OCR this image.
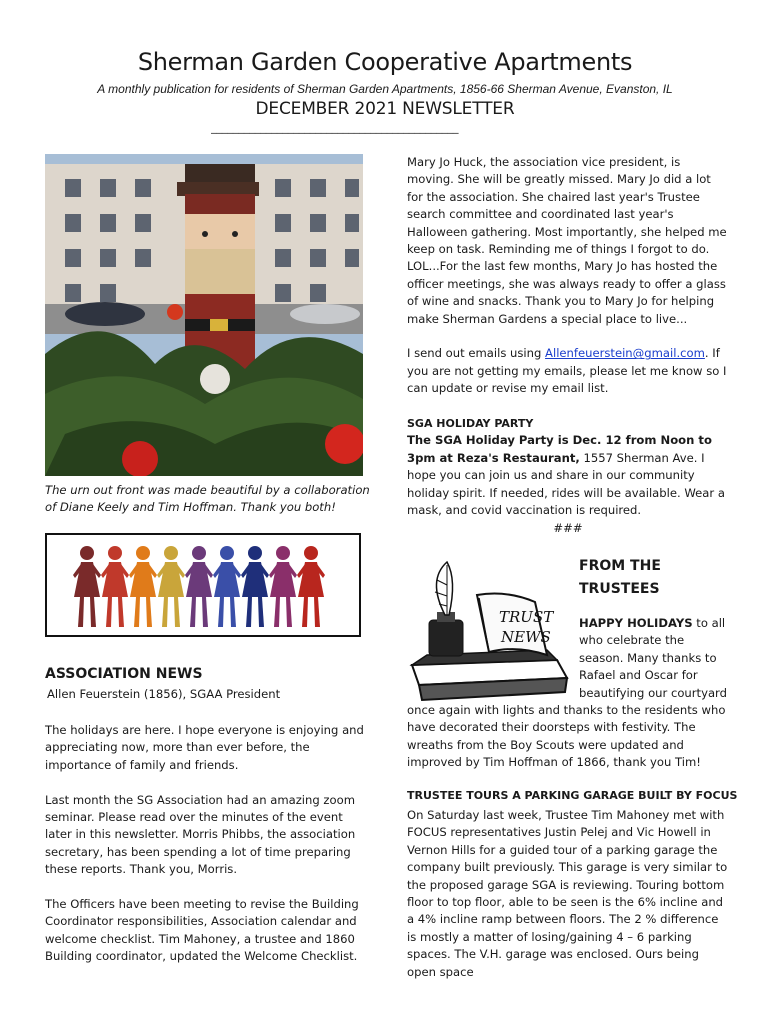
Sherman Garden Cooperative Apartments
A monthly publication for residents of Sherman Garden Apartments, 1856-66 Sherman Avenue, Evanston, IL
DECEMBER 2021 NEWSLETTER
_____________________________________________
The urn out front was made beautiful by a collaboration of Diane Keely and Tim Hoffman. Thank you both!
ASSOCIATION NEWS
Allen Feuerstein (1856), SGAA President

The holidays are here. I hope everyone is enjoying and appreciating now, more than ever before, the importance of family and friends.

Last month the SG Association had an amazing zoom seminar. Please read over the minutes of the event later in this newsletter. Morris Phibbs, the association secretary, has been spending a lot of time preparing these reports. Thank you, Morris.

The Officers have been meeting to revise the Building Coordinator responsibilities, Association calendar and welcome checklist. Tim Mahoney, a trustee and 1860 Building coordinator, updated the Welcome Checklist.

Mary Jo Huck, the association vice president, is moving. She will be greatly missed. Mary Jo did a lot for the association. She chaired last year's Trustee search committee and coordinated last year's Halloween gathering. Most importantly, she helped me keep on task. Reminding me of things I forgot to do. LOL...For the last few months, Mary Jo has hosted the officer meetings, she was always ready to offer a glass of wine and snacks. Thank you to Mary Jo for helping make Sherman Gardens a special place to live...

I send out emails using Allenfeuerstein@gmail.com. If you are not getting my emails, please let me know so I can update or revise my email list.

SGA HOLIDAY PARTY
The SGA Holiday Party is Dec. 12 from Noon to 3pm at Reza's Restaurant, 1557 Sherman Ave. I hope you can join us and share in our community holiday spirit. If needed, rides will be available. Wear a mask, and covid vaccination is required.
###
TRUST
NEWS
FROM THE
TRUSTEES
HAPPY HOLIDAYS to all who celebrate the season. Many thanks to Rafael and Oscar for beautifying our courtyard
once again with lights and thanks to the residents who have decorated their doorsteps with festivity. The wreaths from the Boy Scouts were updated and improved by Tim Hoffman of 1866, thank you Tim!
TRUSTEE TOURS A PARKING GARAGE BUILT BY FOCUS
On Saturday last week, Trustee Tim Mahoney met with FOCUS representatives Justin Pelej and Vic Howell in Vernon Hills for a guided tour of a parking garage the company built previously. This garage is very similar to the proposed garage SGA is reviewing. Touring bottom floor to top floor, able to be seen is the 6% incline and a 4% incline ramp between floors. The 2 % difference is mostly a matter of losing/gaining 4 – 6 parking spaces. The V.H. garage was enclosed. Ours being open space
